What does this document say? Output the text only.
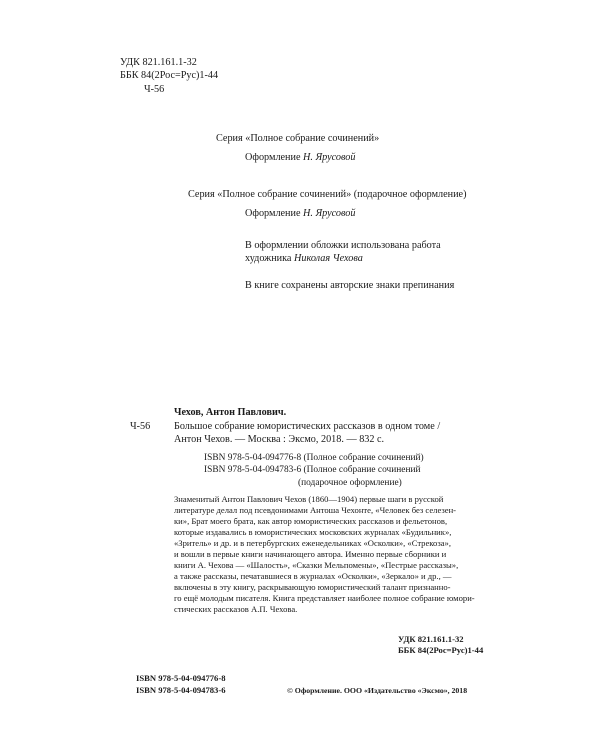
УДК 821.161.1-32
ББК 84(2Рос=Рус)1-44
Ч-56
Серия «Полное собрание сочинений»
Оформление Н. Ярусовой
Серия «Полное собрание сочинений» (подарочное оформление)
Оформление Н. Ярусовой
В оформлении обложки использована работа
художника Николая Чехова
В книге сохранены авторские знаки препинания
Чехов, Антон Павлович.
Ч-56 Большое собрание юмористических рассказов в одном томе /

Антон Чехов. — Москва : Эксмо, 2018. — 832 с.

ISBN 978-5-04-094776-8 (Полное собрание сочинений)
ISBN 978-5-04-094783-6 (Полное собрание сочинений
(подарочное оформление)

Знаменитый Антон Павлович Чехов (1860—1904) первые шаги в русской

литературе делал под псевдонимами Антоша Чехонте, «Человек без селезен-

ки», Брат моего брата, как автор юмористических рассказов и фельетонов,

которые издавались в юмористических московских журналах «Будильник»,

«Зритель» и др. и в петербургских еженедельниках «Осколки», «Стрекоза»,

и вошли в первые книги начинающего автора. Именно первые сборники и

книги А. Чехова — «Шалость», «Сказки Мельпомены», «Пестрые рассказы»,

а также рассказы, печатавшиеся в журналах «Осколки», «Зеркало» и др., —

включены в эту книгу, раскрывающую юмористический талант признанно-

го ещё молодым писателя. Книга представляет наиболее полное собрание юмори-

стических рассказов А.П. Чехова.

УДК 821.161.1-32
ББК 84(2Рос=Рус)1-44
ISBN 978-5-04-094776-8
ISBN 978-5-04-094783-6	© Оформление. ООО «Издательство «Эксмо», 2018
